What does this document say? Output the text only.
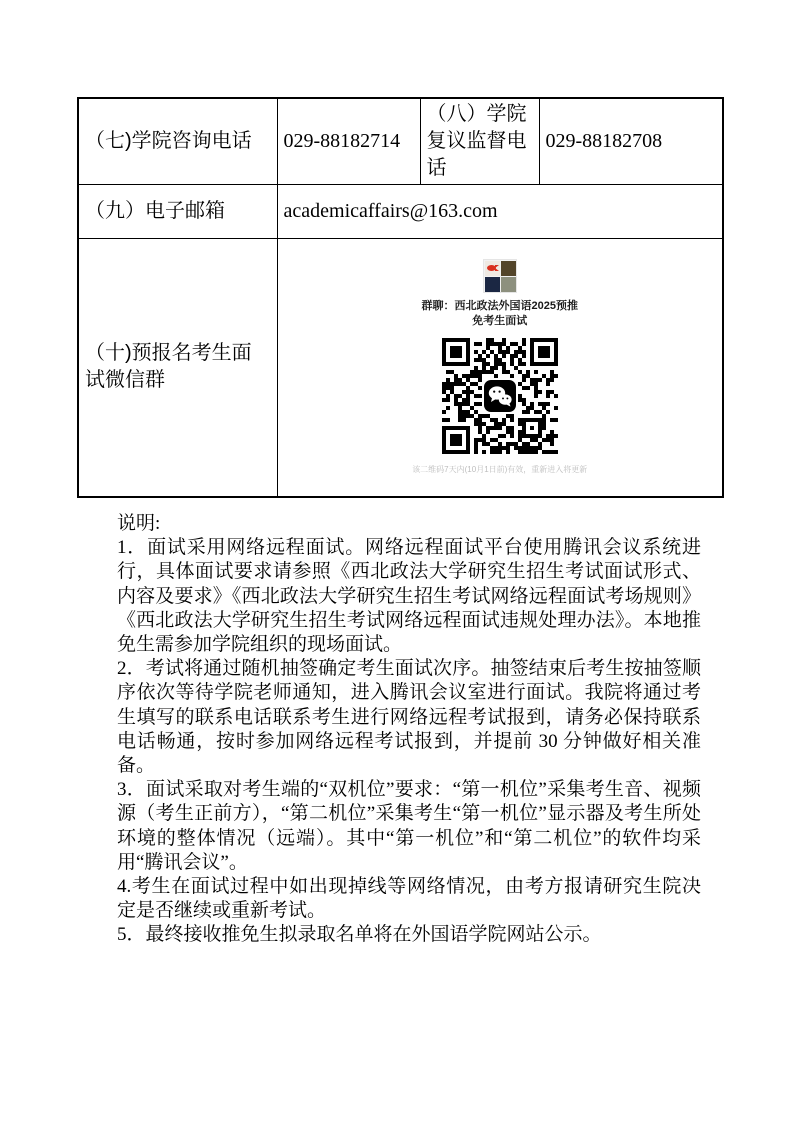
（七)学院咨询电话	029-88182714	（八）学院复议监督电话	029-88182708
（九）电子邮箱	academicaffairs@163.com		
（十)预报名考生面试微信群	群聊：西北政法外国语2025预推
免考生面试
该二维码7天内(10月1日前)有效，重新进入将更新		

说明:

1．面试采用网络远程面试。网络远程面试平台使用腾讯会议系统进行，具体面试要求请参照《西北政法大学研究生招生考试面试形式、内容及要求》《西北政法大学研究生招生考试网络远程面试考场规则》《西北政法大学研究生招生考试网络远程面试违规处理办法》。本地推免生需参加学院组织的现场面试。

2．考试将通过随机抽签确定考生面试次序。抽签结束后考生按抽签顺序依次等待学院老师通知，进入腾讯会议室进行面试。我院将通过考生填写的联系电话联系考生进行网络远程考试报到，请务必保持联系电话畅通，按时参加网络远程考试报到，并提前 30 分钟做好相关准备。

3．面试采取对考生端的“双机位”要求：“第一机位”采集考生音、视频源（考生正前方），“第二机位”采集考生“第一机位”显示器及考生所处环境的整体情况（远端）。其中“第一机位”和“第二机位”的软件均采用“腾讯会议”。

4.考生在面试过程中如出现掉线等网络情况，由考方报请研究生院决定是否继续或重新考试。

5．最终接收推免生拟录取名单将在外国语学院网站公示。
